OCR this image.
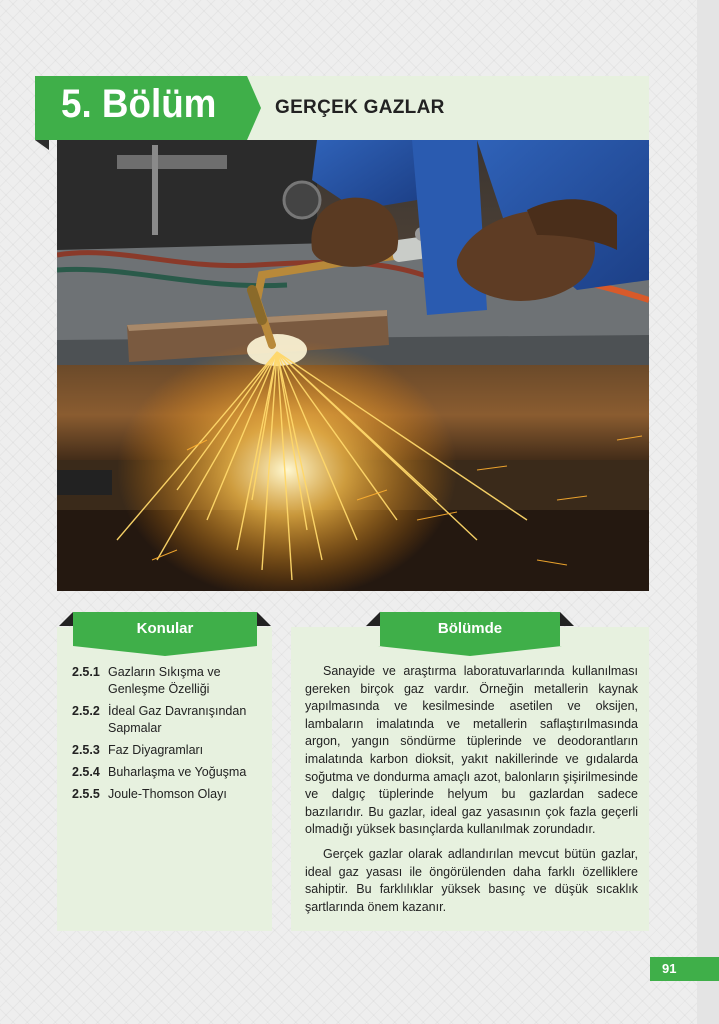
5. Bölüm	GERÇEK GAZLAR
Konular
2.5.1 Gazların Sıkışma ve Genleşme Özelliği
2.5.2 İdeal Gaz Davranışından Sapmalar
2.5.3 Faz Diyagramları
2.5.4 Buharlaşma ve Yoğuşma
2.5.5 Joule-Thomson Olayı
Bölümde

Sanayide ve araştırma laboratuvarlarında kullanılması gereken birçok gaz vardır. Örneğin metallerin kaynak yapılmasında ve kesilmesinde asetilen ve oksijen, lambaların imalatında ve metallerin saflaştırılmasında argon, yangın söndürme tüplerinde ve deodorantların imalatında karbon dioksit, yakıt nakillerinde ve gıdalarda soğutma ve dondurma amaçlı azot, balonların şişirilmesinde ve dalgıç tüplerinde helyum bu gazlardan sadece bazılarıdır. Bu gazlar, ideal gaz yasasının çok fazla geçerli olmadığı yüksek basınçlarda kullanılmak zorundadır.

Gerçek gazlar olarak adlandırılan mevcut bütün gazlar, ideal gaz yasası ile öngörülenden daha farklı özelliklere sahiptir. Bu farklılıklar yüksek basınç ve düşük sıcaklık şartlarında önem kazanır.

91
